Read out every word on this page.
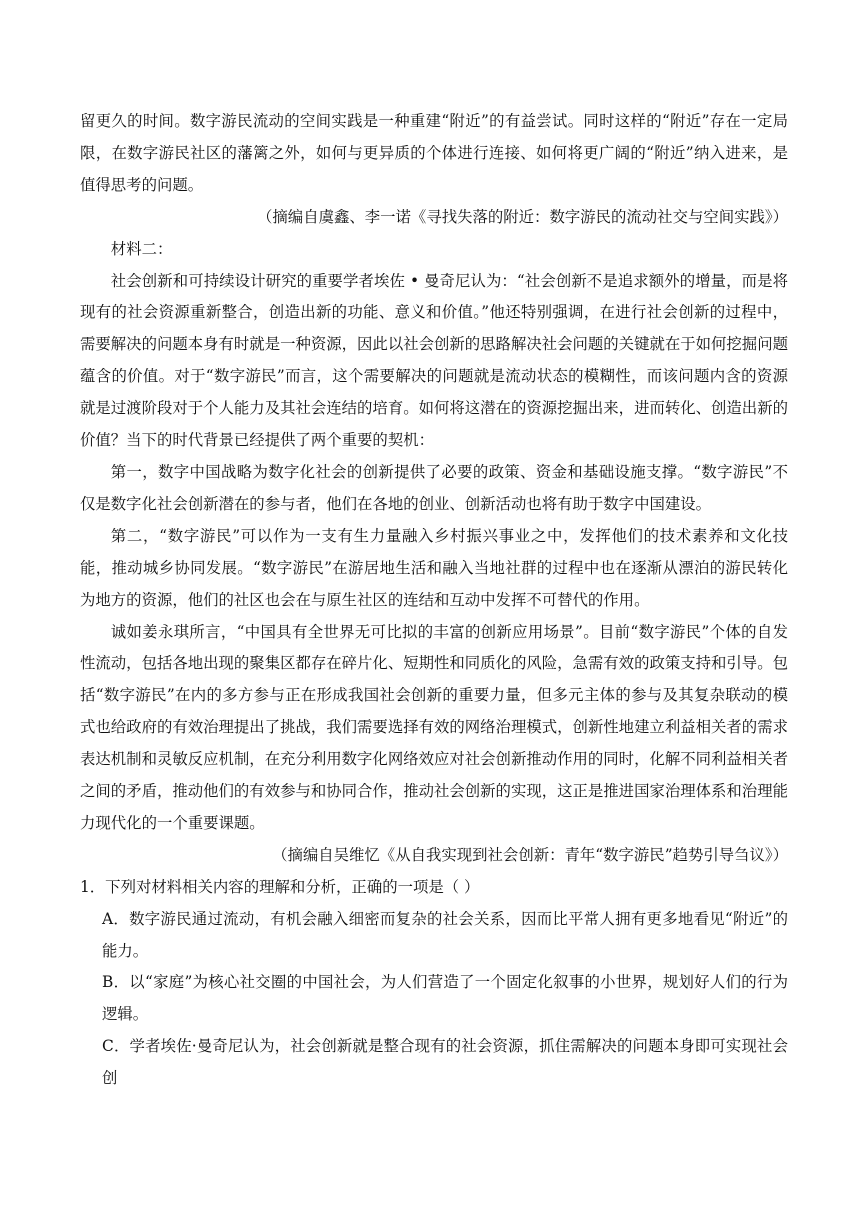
留更久的时间。数字游民流动的空间实践是一种重建“附近”的有益尝试。同时这样的“附近”存在一定局限，在数字游民社区的藩篱之外，如何与更异质的个体进行连接、如何将更广阔的“附近”纳入进来，是值得思考的问题。

（摘编自虞鑫、李一诺《寻找失落的附近：数字游民的流动社交与空间实践》）

材料二：

社会创新和可持续设计研究的重要学者埃佐 • 曼奇尼认为：“社会创新不是追求额外的增量，而是将现有的社会资源重新整合，创造出新的功能、意义和价值。”他还特别强调，在进行社会创新的过程中，需要解决的问题本身有时就是一种资源，因此以社会创新的思路解决社会问题的关键就在于如何挖掘问题蕴含的价值。对于“数字游民”而言，这个需要解决的问题就是流动状态的模糊性，而该问题内含的资源就是过渡阶段对于个人能力及其社会连结的培育。如何将这潜在的资源挖掘出来，进而转化、创造出新的价值？当下的时代背景已经提供了两个重要的契机：

第一，数字中国战略为数字化社会的创新提供了必要的政策、资金和基础设施支撑。“数字游民”不仅是数字化社会创新潜在的参与者，他们在各地的创业、创新活动也将有助于数字中国建设。

第二，“数字游民”可以作为一支有生力量融入乡村振兴事业之中，发挥他们的技术素养和文化技能，推动城乡协同发展。“数字游民”在游居地生活和融入当地社群的过程中也在逐渐从漂泊的游民转化为地方的资源，他们的社区也会在与原生社区的连结和互动中发挥不可替代的作用。

诚如姜永琪所言，“中国具有全世界无可比拟的丰富的创新应用场景”。目前“数字游民”个体的自发性流动，包括各地出现的聚集区都存在碎片化、短期性和同质化的风险，急需有效的政策支持和引导。包括“数字游民”在内的多方参与正在形成我国社会创新的重要力量，但多元主体的参与及其复杂联动的模式也给政府的有效治理提出了挑战，我们需要选择有效的网络治理模式，创新性地建立利益相关者的需求表达机制和灵敏反应机制，在充分利用数字化网络效应对社会创新推动作用的同时，化解不同利益相关者之间的矛盾，推动他们的有效参与和协同合作，推动社会创新的实现，这正是推进国家治理体系和治理能力现代化的一个重要课题。

（摘编自吴维忆《从自我实现到社会创新：青年“数字游民”趋势引导刍议》）

1．下列对材料相关内容的理解和分析，正确的一项是（ ）

A．数字游民通过流动，有机会融入细密而复杂的社会关系，因而比平常人拥有更多地看见“附近”的能力。

B．以“家庭”为核心社交圈的中国社会，为人们营造了一个固定化叙事的小世界，规划好人们的行为逻辑。

C．学者埃佐·曼奇尼认为，社会创新就是整合现有的社会资源，抓住需解决的问题本身即可实现社会创
